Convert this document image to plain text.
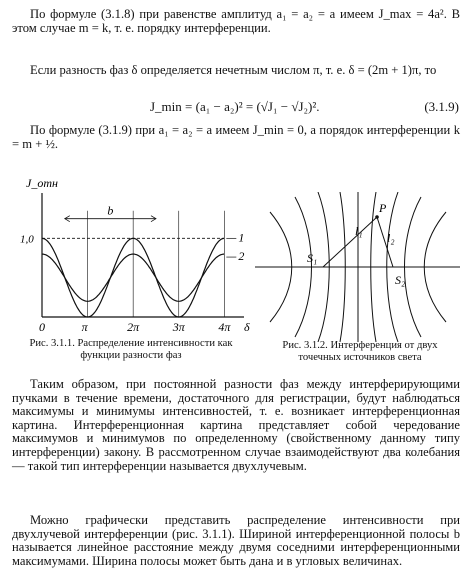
По формуле (3.1.8) при равенстве амплитуд a₁ = a₂ = a имеем J_max = 4a². В этом случае m = k, т. е. порядку интерференции.
Если разность фаз δ определяется нечетным числом π, т. е. δ = (2m + 1)π, то
J_min = (a₁ − a₂)² = (√J₁ − √J₂)².	(3.1.9)
По формуле (3.1.9) при a₁ = a₂ = a имеем J_min = 0, а порядок интерференции k = m + ½.
b
1
2
0	π	2π	3π	4π
1,0
J_отн
δ
Рис. 3.1.1. Распределение интенсивности как функции разности фаз
S₁
S₂
P
l₁ l₂
Рис. 3.1.2. Интерференция от двух точечных источников света
Таким образом, при постоянной разности фаз между интерферирующими пучками в течение времени, достаточного для регистрации, будут наблюдаться максимумы и минимумы интенсивностей, т. е. возникает интерференционная картина. Интерференционная картина представляет собой чередование максимумов и минимумов по определенному (свойственному данному типу интерференции) закону. В рассмотренном случае взаимодействуют два колебания — такой тип интерференции называется двухлучевым.
Можно графически представить распределение интенсивности при двухлучевой интерференции (рис. 3.1.1). Шириной интерференционной полосы b называется линейное расстояние между двумя соседними интерференционными максимумами. Ширина полосы может быть дана и в угловых величинах.
